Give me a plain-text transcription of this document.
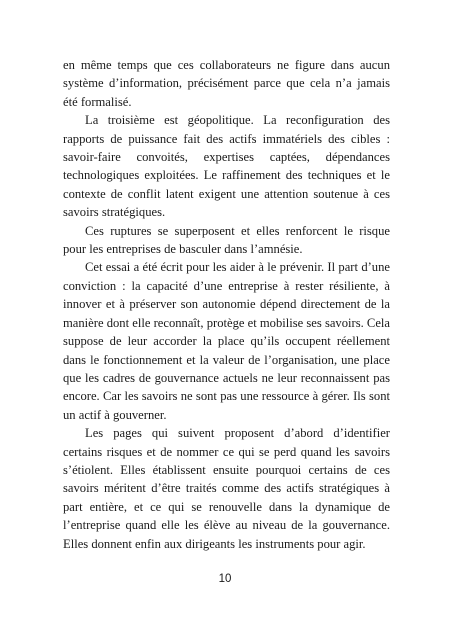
en même temps que ces collaborateurs ne figure dans aucun système d’information, précisément parce que cela n’a jamais été formalisé.

La troisième est géopolitique. La reconfiguration des rapports de puissance fait des actifs immatériels des cibles : savoir-faire convoités, expertises captées, dépendances technologiques exploitées. Le raffinement des techniques et le contexte de conflit latent exigent une attention soutenue à ces savoirs stratégiques.

Ces ruptures se superposent et elles renforcent le risque pour les entreprises de basculer dans l’amnésie.

Cet essai a été écrit pour les aider à le prévenir. Il part d’une conviction : la capacité d’une entreprise à rester résiliente, à innover et à préserver son autonomie dépend directement de la manière dont elle reconnaît, protège et mobilise ses savoirs. Cela suppose de leur accorder la place qu’ils occupent réellement dans le fonctionnement et la valeur de l’organisation, une place que les cadres de gouvernance actuels ne leur reconnaissent pas encore. Car les savoirs ne sont pas une ressource à gérer. Ils sont un actif à gouverner.

Les pages qui suivent proposent d’abord d’identifier certains risques et de nommer ce qui se perd quand les savoirs s’étiolent. Elles établissent ensuite pourquoi certains de ces savoirs méritent d’être traités comme des actifs stratégiques à part entière, et ce qui se renouvelle dans la dynamique de l’entreprise quand elle les élève au niveau de la gouvernance. Elles donnent enfin aux dirigeants les instruments pour agir.

10
